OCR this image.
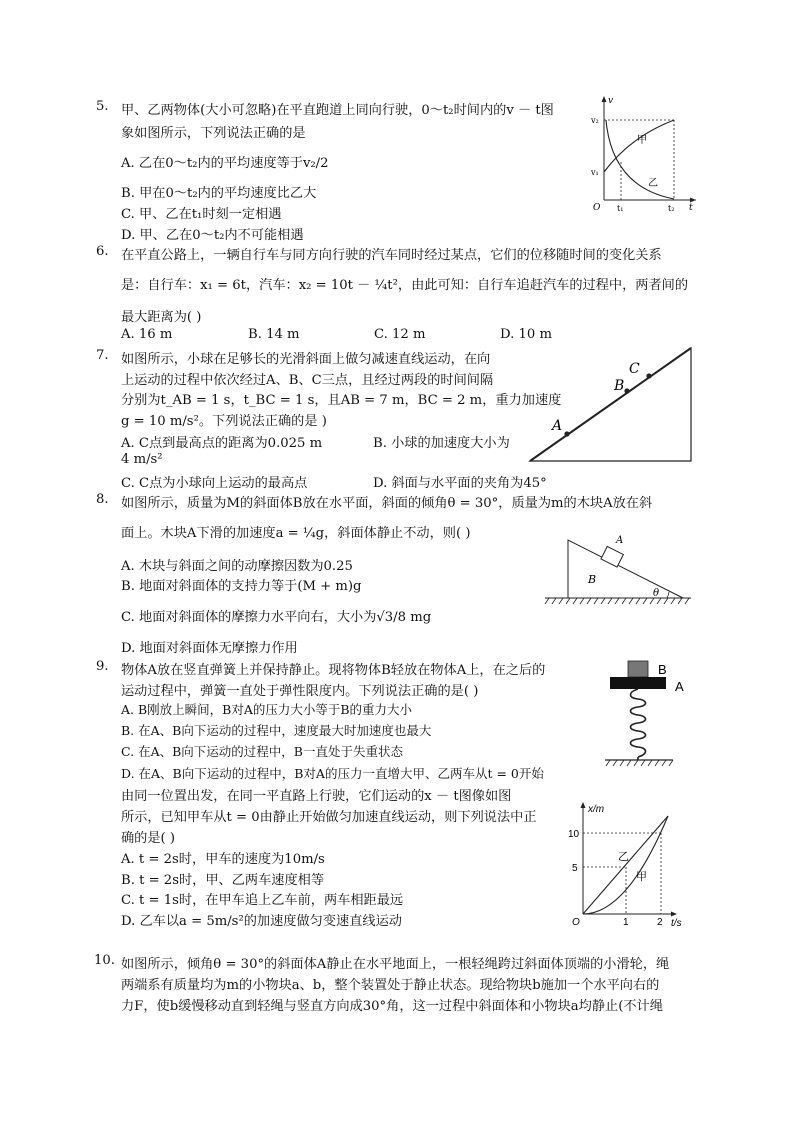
5. 甲、乙两物体(大小可忽略)在平直跑道上同向行驶，0～t₂时间内的v － t图
象如图所示，下列说法正确的是
A. 乙在0～t₂内的平均速度等于v₂/2
B. 甲在0～t₂内的平均速度比乙大
C. 甲、乙在t₁时刻一定相遇
D. 甲、乙在0～t₂内不可能相遇
v
t
v₂
v₁
O t₁	t₂
甲
乙
6. 在平直公路上，一辆自行车与同方向行驶的汽车同时经过某点，它们的位移随时间的变化关系
是：自行车：x₁ = 6t，汽车：x₂ = 10t － ¼t²，由此可知：自行车追赶汽车的过程中，两者间的
最大距离为( )
A. 16 m	B. 14 m	C. 12 m	D. 10 m
7. 如图所示，小球在足够长的光滑斜面上做匀减速直线运动，在向
上运动的过程中依次经过A、B、C三点，且经过两段的时间间隔
分别为t_AB = 1 s，t_BC = 1 s，且AB = 7 m，BC = 2 m，重力加速度
g = 10 m/s²。下列说法正确的是 )
A. C点到最高点的距离为0.025 m	B. 小球的加速度大小为
4 m/s²
C. C点为小球向上运动的最高点	D. 斜面与水平面的夹角为45°
A
B
C
8. 如图所示，质量为M的斜面体B放在水平面，斜面的倾角θ = 30°，质量为m的木块A放在斜
面上。木块A下滑的加速度a = ¼g，斜面体静止不动，则( )
A. 木块与斜面之间的动摩擦因数为0.25
B. 地面对斜面体的支持力等于(M + m)g
C. 地面对斜面体的摩擦力水平向右，大小为√3/8 mg
D. 地面对斜面体无摩擦力作用
A
B
θ
9. 物体A放在竖直弹簧上并保持静止。现将物体B轻放在物体A上，在之后的
运动过程中，弹簧一直处于弹性限度内。下列说法正确的是( )
A. B刚放上瞬间，B对A的压力大小等于B的重力大小
B. 在A、B向下运动的过程中，速度最大时加速度也最大
C. 在A、B向下运动的过程中，B一直处于失重状态
D. 在A、B向下运动的过程中，B对A的压力一直增大甲、乙两车从t = 0开始
B
A
由同一位置出发，在同一平直路上行驶，它们运动的x － t图像如图
所示，已知甲车从t = 0由静止开始做匀加速直线运动，则下列说法中正
确的是( )
A. t = 2s时，甲车的速度为10m/s
B. t = 2s时，甲、乙两车速度相等
C. t = 1s时，在甲车追上乙车前，两车相距最远
D. 乙车以a = 5m/s²的加速度做匀变速直线运动
x/m
t/s
10
5
O	1	2
乙
甲
10. 如图所示，倾角θ = 30°的斜面体A静止在水平地面上，一根轻绳跨过斜面体顶端的小滑轮，绳
两端系有质量均为m的小物块a、b，整个装置处于静止状态。现给物块b施加一个水平向右的
力F，使b缓慢移动直到轻绳与竖直方向成30°角，这一过程中斜面体和小物块a均静止(不计绳
